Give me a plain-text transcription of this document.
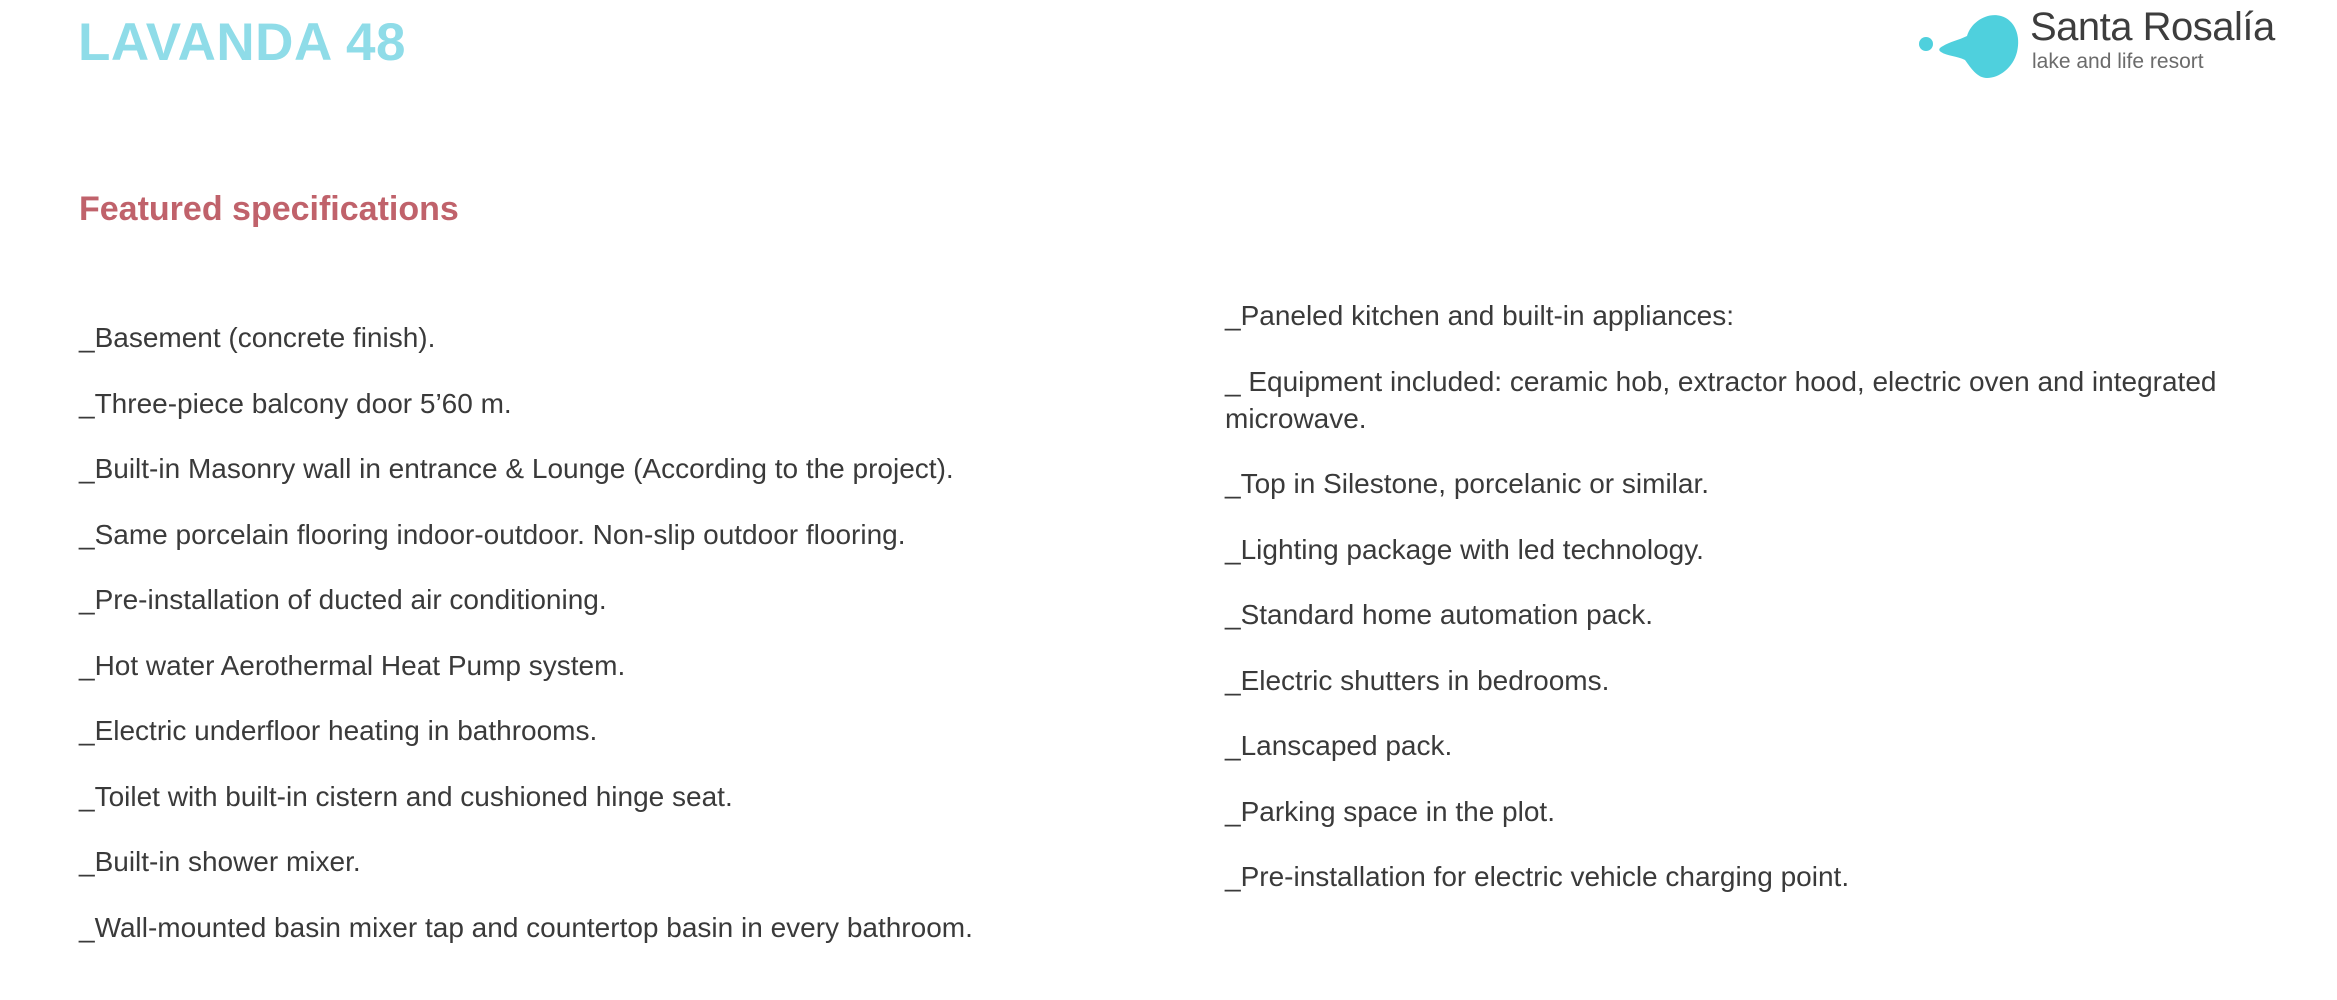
LAVANDA 48	Santa Rosalía
lake and life resort
Featured specifications
_Basement (concrete finish).
_Three-piece balcony door 5’60 m.
_Built-in Masonry wall in entrance & Lounge (According to the project).
_Same porcelain flooring indoor-outdoor. Non-slip outdoor flooring.
_Pre-installation of ducted air conditioning.
_Hot water Aerothermal Heat Pump system.
_Electric underfloor heating in bathrooms.
_Toilet with built-in cistern and cushioned hinge seat.
_Built-in shower mixer.
_Wall-mounted basin mixer tap and countertop basin in every bathroom.
_Paneled kitchen and built-in appliances:
_ Equipment included: ceramic hob, extractor hood, electric oven and integrated microwave.
_Top in Silestone, porcelanic or similar.
_Lighting package with led technology.
_Standard home automation pack.
_Electric shutters in bedrooms.
_Lanscaped pack.
_Parking space in the plot.
_Pre-installation for electric vehicle charging point.
